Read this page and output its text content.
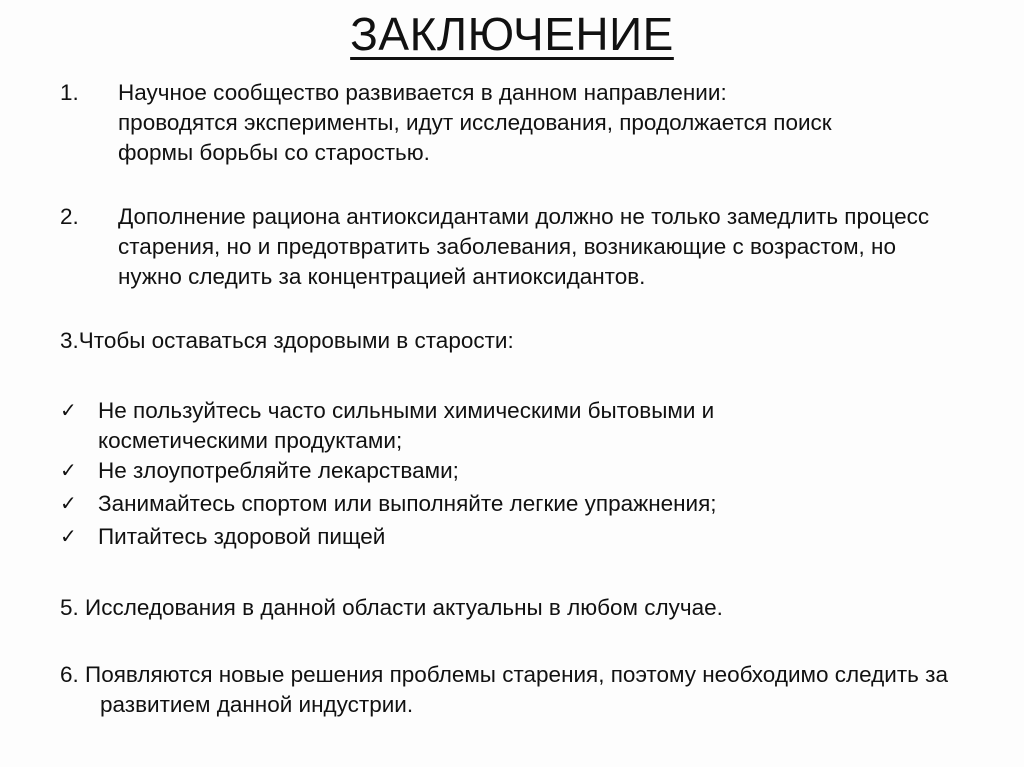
ЗАКЛЮЧЕНИЕ
1.	Научное сообщество развивается в данном направлении: проводятся эксперименты, идут исследования, продолжается поиск формы борьбы со старостью.
2.	Дополнение рациона антиоксидантами должно не только замедлить процесс старения, но и предотвратить заболевания, возникающие с возрастом, но нужно следить за концентрацией антиоксидантов.
3.Чтобы оставаться здоровыми в старости:
✓ Не пользуйтесь часто сильными химическими бытовыми и косметическими продуктами;
✓ Не злоупотребляйте лекарствами;
✓ Занимайтесь спортом или выполняйте легкие упражнения;
✓ Питайтесь здоровой пищей
5. Исследования в данной области актуальны в любом случае.
6. Появляются новые решения проблемы старения, поэтому необходимо следить за развитием данной индустрии.
